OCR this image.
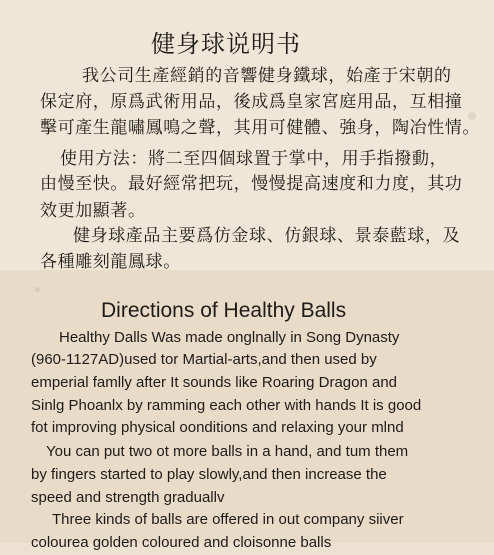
健身球说明书
我公司生產經銷的音響健身鐵球，始產于宋朝的
保定府，原爲武術用品，後成爲皇家宮庭用品，互相撞
擊可產生龍嘯鳳鳴之聲，其用可健體、強身，陶冶性情。
使用方法：將二至四個球置于掌中，用手指撥動，
由慢至快。最好經常把玩，慢慢提高速度和力度，其功
效更加顯著。
健身球產品主要爲仿金球、仿銀球、景泰藍球，及
各種雕刻龍鳳球。
Directions of Healthy Balls
Healthy Dalls Was made onglnally in Song Dynasty
(960-1127AD)used tor Martial-arts,and then used by
emperial famlly after It sounds like Roaring Dragon and
Sinlg Phoanlx by ramming each other with hands It is good
fot improving physical oonditions and relaxing your mlnd
You can put two ot more balls in a hand, and tum them
by fingers started to play slowly,and then increase the
speed and strength graduallv
Three kinds of balls are offered in out company siiver
colourea golden coloured and cloisonne balls
